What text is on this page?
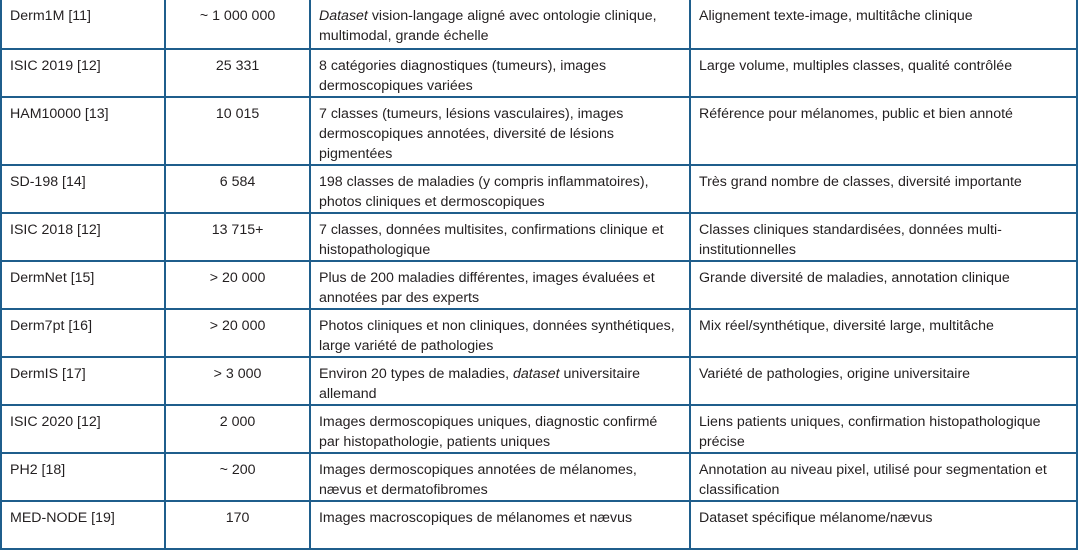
Derm1M [11]	~ 1 000 000	Dataset vision-langage aligné avec ontologie clinique, multimodal, grande échelle	Alignement texte-image, multitâche clinique
ISIC 2019 [12]	25 331	8 catégories diagnostiques (tumeurs), images dermoscopiques variées	Large volume, multiples classes, qualité contrôlée
HAM10000 [13]	10 015	7 classes (tumeurs, lésions vasculaires), images dermoscopiques annotées, diversité de lésions pigmentées	Référence pour mélanomes, public et bien annoté
SD-198 [14]	6 584	198 classes de maladies (y compris inflammatoires), photos cliniques et dermoscopiques	Très grand nombre de classes, diversité importante
ISIC 2018 [12]	13 715+	7 classes, données multisites, confirmations clinique et histopathologique	Classes cliniques standardisées, données multi-institutionnelles
DermNet [15]	> 20 000	Plus de 200 maladies différentes, images évaluées et annotées par des experts	Grande diversité de maladies, annotation clinique
Derm7pt [16]	> 20 000	Photos cliniques et non cliniques, données synthétiques, large variété de pathologies	Mix réel/synthétique, diversité large, multitâche
DermIS [17]	> 3 000	Environ 20 types de maladies, dataset universitaire allemand	Variété de pathologies, origine universitaire
ISIC 2020 [12]	2 000	Images dermoscopiques uniques, diagnostic confirmé par histopathologie, patients uniques	Liens patients uniques, confirmation histopathologique précise
PH2 [18]	~ 200	Images dermoscopiques annotées de mélanomes, nævus et dermatofibromes	Annotation au niveau pixel, utilisé pour segmentation et classification
MED-NODE [19]	170	Images macroscopiques de mélanomes et nævus	Dataset spécifique mélanome/nævus
